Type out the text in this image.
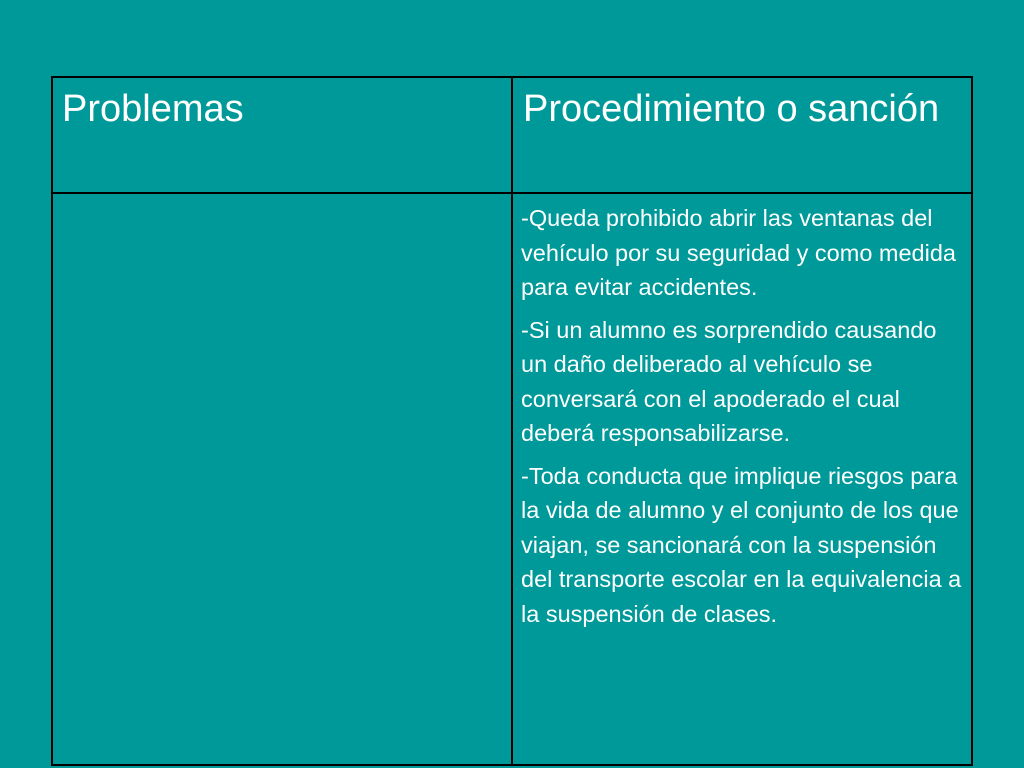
Problemas	Procedimiento o sanción

-Queda prohibido abrir las ventanas del vehículo por su seguridad y como medida para evitar accidentes.

-Si un alumno es sorprendido causando un daño deliberado al vehículo se conversará con el apoderado el cual deberá responsabilizarse.

-Toda conducta que implique riesgos para la vida de alumno y el conjunto de los que viajan, se sancionará con la suspensión del transporte escolar en la equivalencia a la suspensión de clases.
